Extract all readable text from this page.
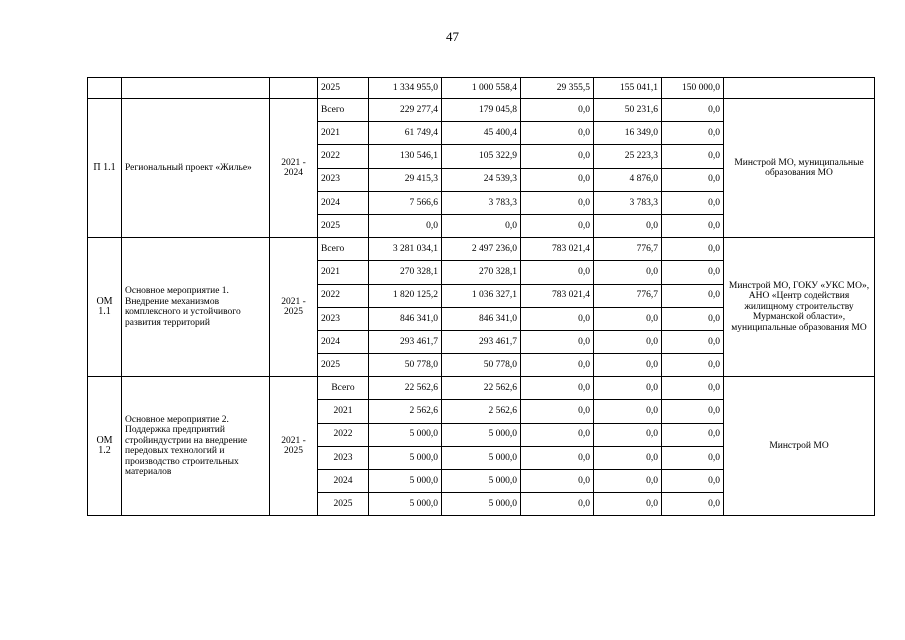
47
			2025	1 334 955,0	1 000 558,4	29 355,5	155 041,1	150 000,0	
П 1.1	Региональный проект «Жилье»	2021 - 2024	Всего	229 277,4	179 045,8	0,0	50 231,6	0,0	Минстрой МО, муниципальные образования МО
			2021	61 749,4	45 400,4	0,0	16 349,0	0,0	
			2022	130 546,1	105 322,9	0,0	25 223,3	0,0	
			2023	29 415,3	24 539,3	0,0	4 876,0	0,0	
			2024	7 566,6	3 783,3	0,0	3 783,3	0,0	
			2025	0,0	0,0	0,0	0,0	0,0	
ОМ 1.1	Основное мероприятие 1. Внедрение механизмов комплексного и устойчивого развития территорий	2021 - 2025	Всего	3 281 034,1	2 497 236,0	783 021,4	776,7	0,0	Минстрой МО, ГОКУ «УКС МО», АНО «Центр содействия жилищному строительству Мурманской области», муниципальные образования МО
			2021	270 328,1	270 328,1	0,0	0,0	0,0	
			2022	1 820 125,2	1 036 327,1	783 021,4	776,7	0,0	
			2023	846 341,0	846 341,0	0,0	0,0	0,0	
			2024	293 461,7	293 461,7	0,0	0,0	0,0	
			2025	50 778,0	50 778,0	0,0	0,0	0,0	
ОМ 1.2	Основное мероприятие 2. Поддержка предприятий стройиндустрии на внедрение передовых технологий и производство строительных материалов	2021 - 2025	Всего	22 562,6	22 562,6	0,0	0,0	0,0	Минстрой МО
			2021	2 562,6	2 562,6	0,0	0,0	0,0	
			2022	5 000,0	5 000,0	0,0	0,0	0,0	
			2023	5 000,0	5 000,0	0,0	0,0	0,0	
			2024	5 000,0	5 000,0	0,0	0,0	0,0	
			2025	5 000,0	5 000,0	0,0	0,0	0,0	
